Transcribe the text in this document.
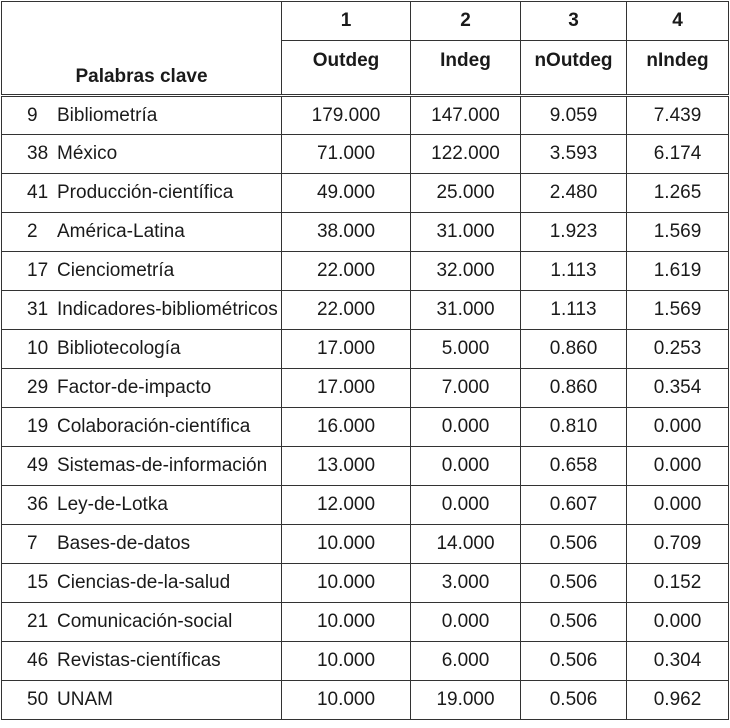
Palabras clave	1	2	3	4
	Outdeg	Indeg	nOutdeg	nIndeg
9 Bibliometría	179.000	147.000	9.059	7.439
38 México	71.000	122.000	3.593	6.174
41 Producción-científica	49.000	25.000	2.480	1.265
2 América-Latina	38.000	31.000	1.923	1.569
17 Cienciometría	22.000	32.000	1.113	1.619
31 Indicadores-bibliométricos	22.000	31.000	1.113	1.569
10 Bibliotecología	17.000	5.000	0.860	0.253
29 Factor-de-impacto	17.000	7.000	0.860	0.354
19 Colaboración-científica	16.000	0.000	0.810	0.000
49 Sistemas-de-información	13.000	0.000	0.658	0.000
36 Ley-de-Lotka	12.000	0.000	0.607	0.000
7 Bases-de-datos	10.000	14.000	0.506	0.709
15 Ciencias-de-la-salud	10.000	3.000	0.506	0.152
21 Comunicación-social	10.000	0.000	0.506	0.000
46 Revistas-científicas	10.000	6.000	0.506	0.304
50 UNAM	10.000	19.000	0.506	0.962
